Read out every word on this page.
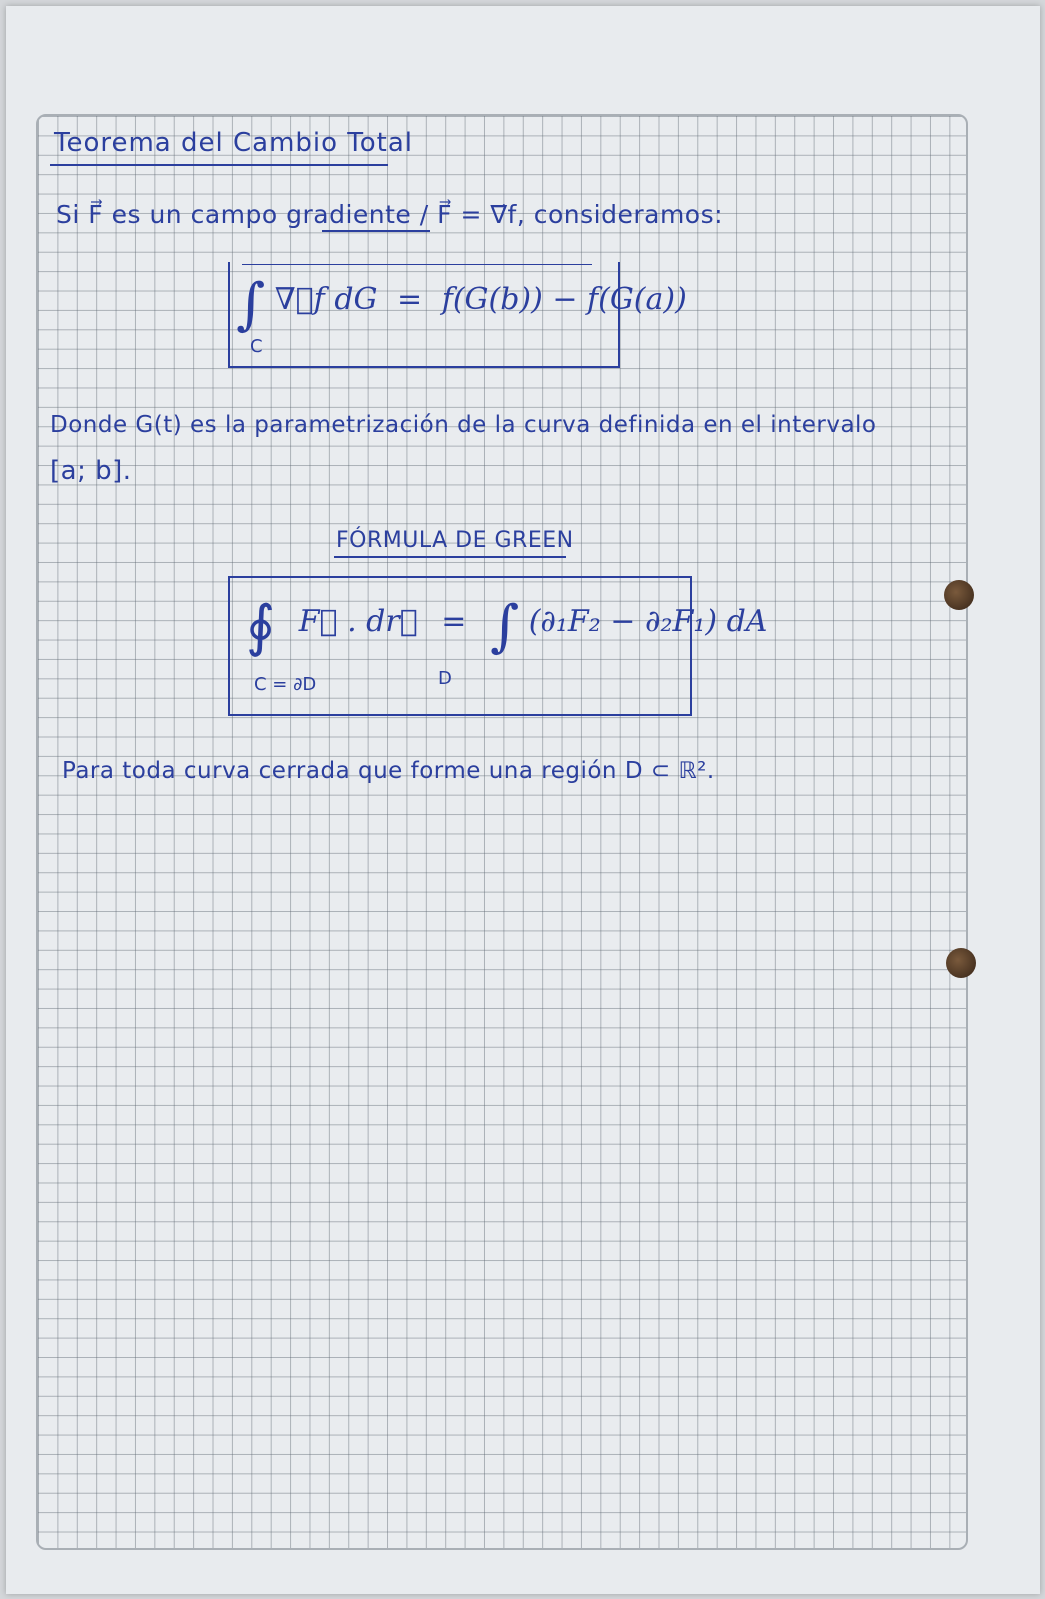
Teorema del Cambio Total
Si F⃗ es un campo gradiente / F⃗ = ∇⃗f, consideramos:
∫ ∇⃗f dG = f(G(b)) − f(G(a))
C
Donde G(t) es la parametrización de la curva definida en el intervalo
[a; b].
FÓRMULA DE GREEN
∮ F⃗ . dr⃗ = ∫ (∂₁F₂ − ∂₂F₁) dA
C = ∂D	D
Para toda curva cerrada que forme una región D ⊂ ℝ².
